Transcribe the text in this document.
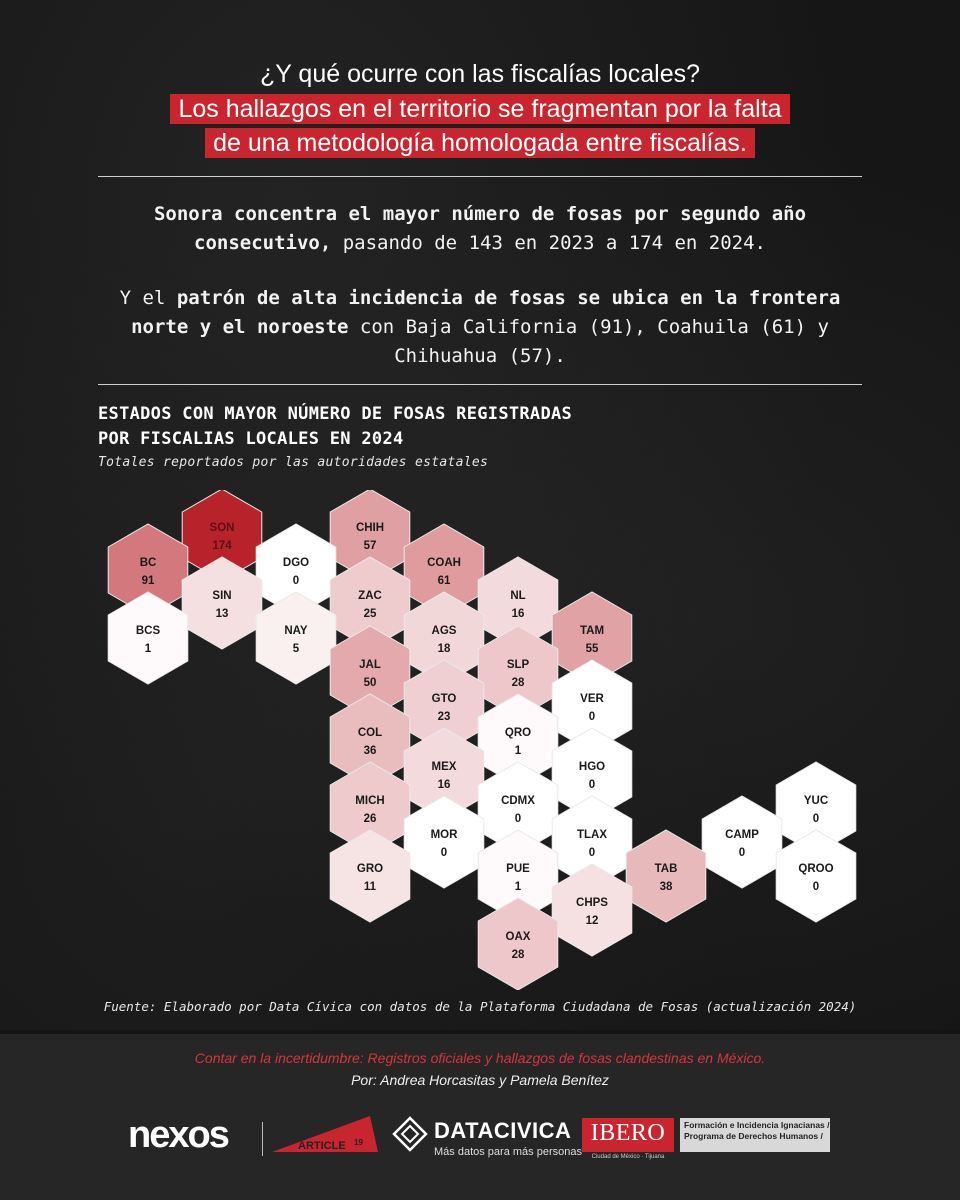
¿Y qué ocurre con las fiscalías locales?
Los hallazgos en el territorio se fragmentan por la falta
de una metodología homologada entre fiscalías.
Sonora concentra el mayor número de fosas por segundo año consecutivo, pasando de 143 en 2023 a 174 en 2024.
Y el patrón de alta incidencia de fosas se ubica en la frontera norte y el noroeste con Baja California (91), Coahuila (61) y Chihuahua (57).
ESTADOS CON MAYOR NÚMERO DE FOSAS REGISTRADAS
POR FISCALIAS LOCALES EN 2024
Totales reportados por las autoridades estatales
SON
174
CHIH
57
BC
91
DGO
0
COAH
61
SIN
13
ZAC
25
NL
16
BCS
1
NAY
5
AGS
18
TAM
55
JAL
50
SLP
28
GTO
23
VER
0
COL
36
QRO
1
MEX
16
HGO
0
MICH
26
CDMX
0
YUC
0
MOR
0
TLAX
0
CAMP
0
GRO
11
PUE
1
TAB
38
QROO
0
CHPS
12
OAX
28
Fuente: Elaborado por Data Cívica con datos de la Plataforma Ciudadana de Fosas (actualización 2024)
Contar en la incertidumbre: Registros oficiales y hallazgos de fosas clandestinas en México.
Por: Andrea Horcasitas y Pamela Benítez
nexos	ARTICLE 19	DATACIVICA
Más datos para más personas
IBERO
Ciudad de México · Tijuana
Formación e Incidencia Ignacianas /
Programa de Derechos Humanos /
